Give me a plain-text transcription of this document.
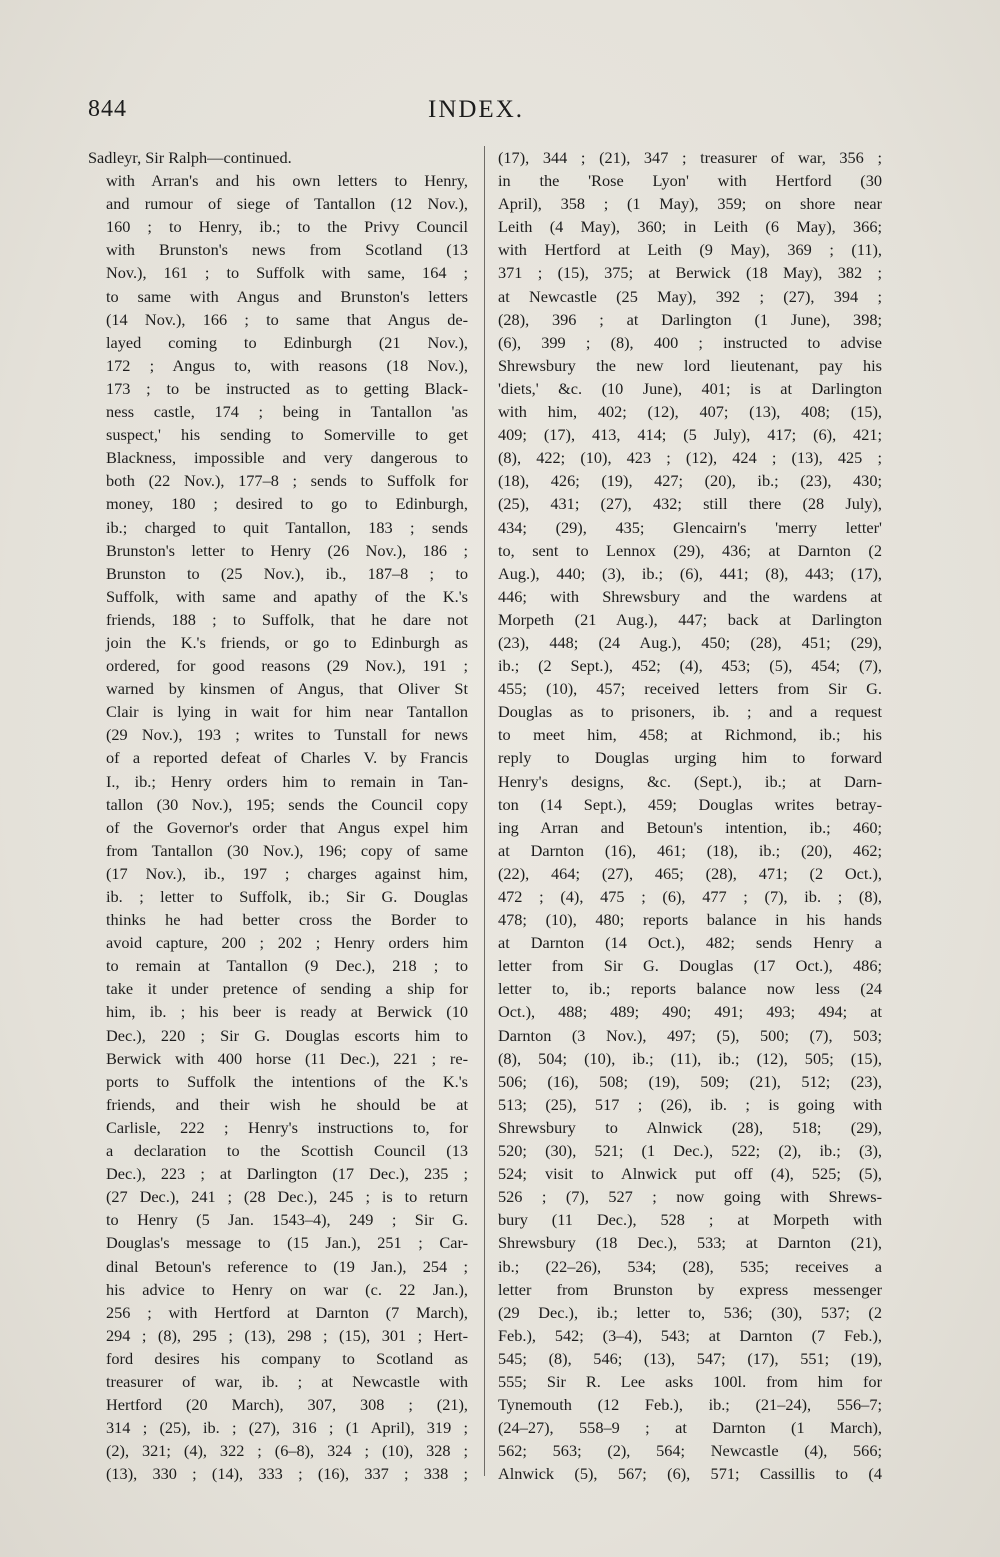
844	INDEX.
Sadleyr, Sir Ralph—continued.
with Arran's and his own letters to Henry,
and rumour of siege of Tantallon (12 Nov.),
160 ; to Henry, ib.; to the Privy Council
with Brunston's news from Scotland (13
Nov.), 161 ; to Suffolk with same, 164 ;
to same with Angus and Brunston's letters
(14 Nov.), 166 ; to same that Angus de-
layed coming to Edinburgh (21 Nov.),
172 ; Angus to, with reasons (18 Nov.),
173 ; to be instructed as to getting Black-
ness castle, 174 ; being in Tantallon 'as
suspect,' his sending to Somerville to get
Blackness, impossible and very dangerous to
both (22 Nov.), 177–8 ; sends to Suffolk for
money, 180 ; desired to go to Edinburgh,
ib.; charged to quit Tantallon, 183 ; sends
Brunston's letter to Henry (26 Nov.), 186 ;
Brunston to (25 Nov.), ib., 187–8 ; to
Suffolk, with same and apathy of the K.'s
friends, 188 ; to Suffolk, that he dare not
join the K.'s friends, or go to Edinburgh as
ordered, for good reasons (29 Nov.), 191 ;
warned by kinsmen of Angus, that Oliver St
Clair is lying in wait for him near Tantallon
(29 Nov.), 193 ; writes to Tunstall for news
of a reported defeat of Charles V. by Francis
I., ib.; Henry orders him to remain in Tan-
tallon (30 Nov.), 195; sends the Council copy
of the Governor's order that Angus expel him
from Tantallon (30 Nov.), 196; copy of same
(17 Nov.), ib., 197 ; charges against him,
ib. ; letter to Suffolk, ib.; Sir G. Douglas
thinks he had better cross the Border to
avoid capture, 200 ; 202 ; Henry orders him
to remain at Tantallon (9 Dec.), 218 ; to
take it under pretence of sending a ship for
him, ib. ; his beer is ready at Berwick (10
Dec.), 220 ; Sir G. Douglas escorts him to
Berwick with 400 horse (11 Dec.), 221 ; re-
ports to Suffolk the intentions of the K.'s
friends, and their wish he should be at
Carlisle, 222 ; Henry's instructions to, for
a declaration to the Scottish Council (13
Dec.), 223 ; at Darlington (17 Dec.), 235 ;
(27 Dec.), 241 ; (28 Dec.), 245 ; is to return
to Henry (5 Jan. 1543–4), 249 ; Sir G.
Douglas's message to (15 Jan.), 251 ; Car-
dinal Betoun's reference to (19 Jan.), 254 ;
his advice to Henry on war (c. 22 Jan.),
256 ; with Hertford at Darnton (7 March),
294 ; (8), 295 ; (13), 298 ; (15), 301 ; Hert-
ford desires his company to Scotland as
treasurer of war, ib. ; at Newcastle with
Hertford (20 March), 307, 308 ; (21),
314 ; (25), ib. ; (27), 316 ; (1 April), 319 ;
(2), 321; (4), 322 ; (6–8), 324 ; (10), 328 ;
(13), 330 ; (14), 333 ; (16), 337 ; 338 ;
(17), 344 ; (21), 347 ; treasurer of war, 356 ;
in the 'Rose Lyon' with Hertford (30
April), 358 ; (1 May), 359; on shore near
Leith (4 May), 360; in Leith (6 May), 366;
with Hertford at Leith (9 May), 369 ; (11),
371 ; (15), 375; at Berwick (18 May), 382 ;
at Newcastle (25 May), 392 ; (27), 394 ;
(28), 396 ; at Darlington (1 June), 398;
(6), 399 ; (8), 400 ; instructed to advise
Shrewsbury the new lord lieutenant, pay his
'diets,' &c. (10 June), 401; is at Darlington
with him, 402; (12), 407; (13), 408; (15),
409; (17), 413, 414; (5 July), 417; (6), 421;
(8), 422; (10), 423 ; (12), 424 ; (13), 425 ;
(18), 426; (19), 427; (20), ib.; (23), 430;
(25), 431; (27), 432; still there (28 July),
434; (29), 435; Glencairn's 'merry letter'
to, sent to Lennox (29), 436; at Darnton (2
Aug.), 440; (3), ib.; (6), 441; (8), 443; (17),
446; with Shrewsbury and the wardens at
Morpeth (21 Aug.), 447; back at Darlington
(23), 448; (24 Aug.), 450; (28), 451; (29),
ib.; (2 Sept.), 452; (4), 453; (5), 454; (7),
455; (10), 457; received letters from Sir G.
Douglas as to prisoners, ib. ; and a request
to meet him, 458; at Richmond, ib.; his
reply to Douglas urging him to forward
Henry's designs, &c. (Sept.), ib.; at Darn-
ton (14 Sept.), 459; Douglas writes betray-
ing Arran and Betoun's intention, ib.; 460;
at Darnton (16), 461; (18), ib.; (20), 462;
(22), 464; (27), 465; (28), 471; (2 Oct.),
472 ; (4), 475 ; (6), 477 ; (7), ib. ; (8),
478; (10), 480; reports balance in his hands
at Darnton (14 Oct.), 482; sends Henry a
letter from Sir G. Douglas (17 Oct.), 486;
letter to, ib.; reports balance now less (24
Oct.), 488; 489; 490; 491; 493; 494; at
Darnton (3 Nov.), 497; (5), 500; (7), 503;
(8), 504; (10), ib.; (11), ib.; (12), 505; (15),
506; (16), 508; (19), 509; (21), 512; (23),
513; (25), 517 ; (26), ib. ; is going with
Shrewsbury to Alnwick (28), 518; (29),
520; (30), 521; (1 Dec.), 522; (2), ib.; (3),
524; visit to Alnwick put off (4), 525; (5),
526 ; (7), 527 ; now going with Shrews-
bury (11 Dec.), 528 ; at Morpeth with
Shrewsbury (18 Dec.), 533; at Darnton (21),
ib.; (22–26), 534; (28), 535; receives a
letter from Brunston by express messenger
(29 Dec.), ib.; letter to, 536; (30), 537; (2
Feb.), 542; (3–4), 543; at Darnton (7 Feb.),
545; (8), 546; (13), 547; (17), 551; (19),
555; Sir R. Lee asks 100l. from him for
Tynemouth (12 Feb.), ib.; (21–24), 556–7;
(24–27), 558–9 ; at Darnton (1 March),
562; 563; (2), 564; Newcastle (4), 566;
Alnwick (5), 567; (6), 571; Cassillis to (4
